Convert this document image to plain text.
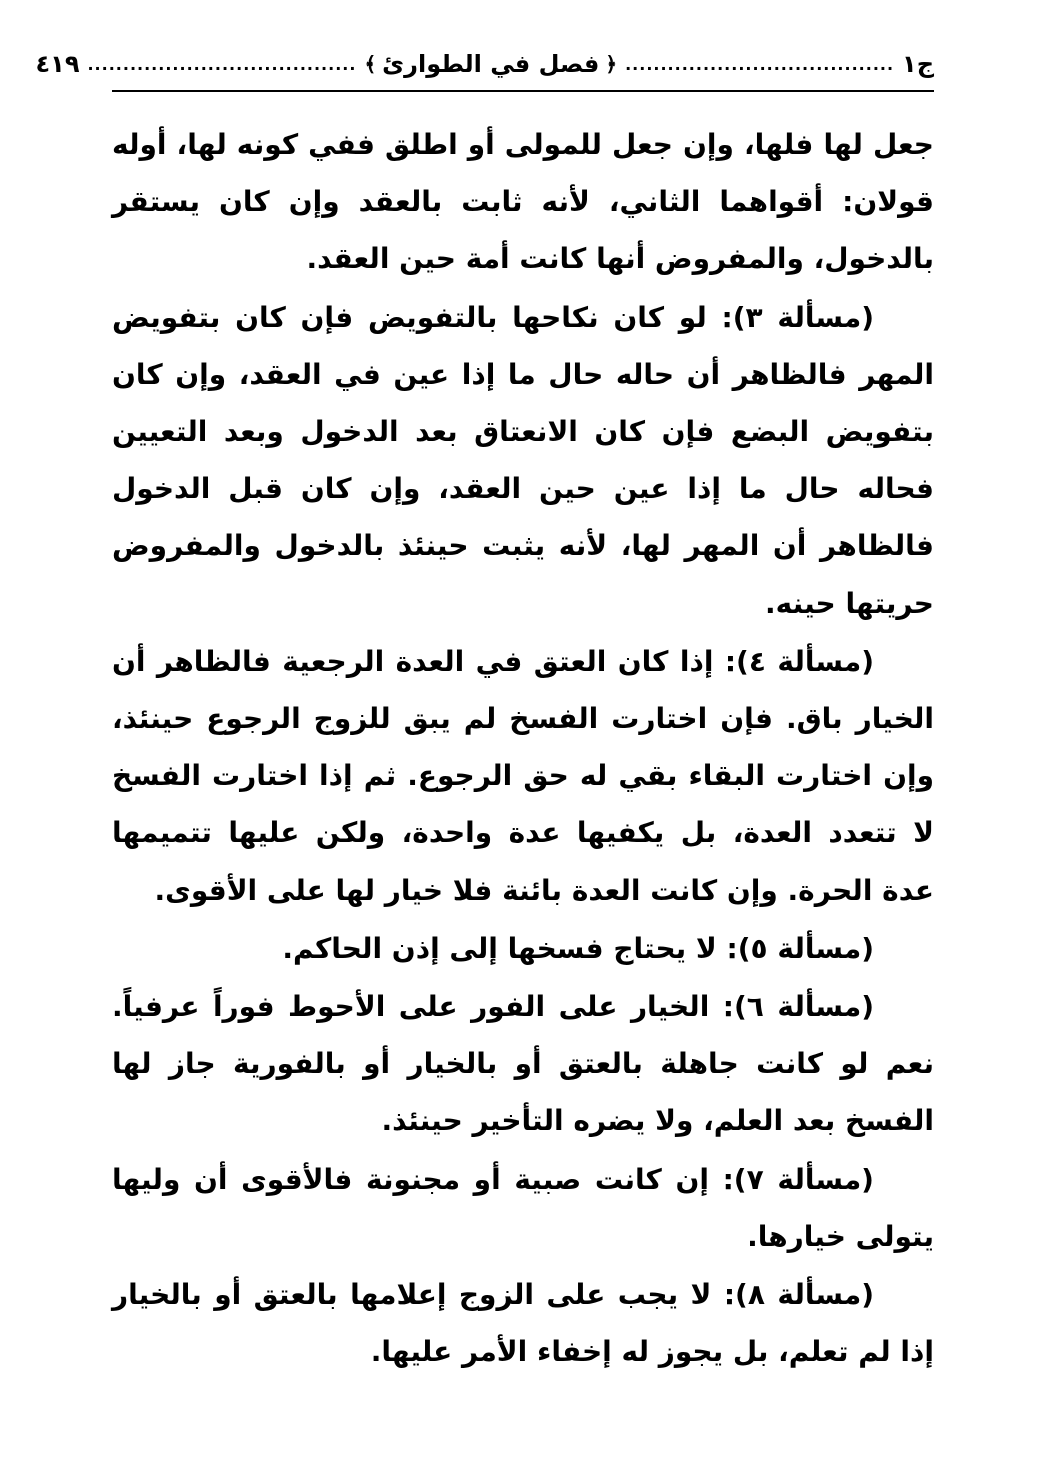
ج١
......................................
﴿
فصل في الطوارئ
﴾
......................................
٤١٩

جعل لها فلها، وإن جعل للمولى أو اطلق ففي كونه لها، أوله قولان: أقواهما الثاني، لأنه ثابت بالعقد وإن كان يستقر بالدخول، والمفروض أنها كانت أمة حين العقد.

(مسألة ٣): لو كان نكاحها بالتفويض فإن كان بتفويض المهر فالظاهر أن حاله حال ما إذا عين في العقد، وإن كان بتفويض البضع فإن كان الانعتاق بعد الدخول وبعد التعيين فحاله حال ما إذا عين حين العقد، وإن كان قبل الدخول فالظاهر أن المهر لها، لأنه يثبت حينئذ بالدخول والمفروض حريتها حينه.

(مسألة ٤): إذا كان العتق في العدة الرجعية فالظاهر أن الخيار باق. فإن اختارت الفسخ لم يبق للزوج الرجوع حينئذ، وإن اختارت البقاء بقي له حق الرجوع. ثم إذا اختارت الفسخ لا تتعدد العدة، بل يكفيها عدة واحدة، ولكن عليها تتميمها عدة الحرة. وإن كانت العدة بائنة فلا خيار لها على الأقوى.

(مسألة ٥): لا يحتاج فسخها إلى إذن الحاكم.

(مسألة ٦): الخيار على الفور على الأحوط فوراً عرفياً. نعم لو كانت جاهلة بالعتق أو بالخيار أو بالفورية جاز لها الفسخ بعد العلم، ولا يضره التأخير حينئذ.

(مسألة ٧): إن كانت صبية أو مجنونة فالأقوى أن وليها يتولى خيارها.

(مسألة ٨): لا يجب على الزوج إعلامها بالعتق أو بالخيار إذا لم تعلم، بل يجوز له إخفاء الأمر عليها.
